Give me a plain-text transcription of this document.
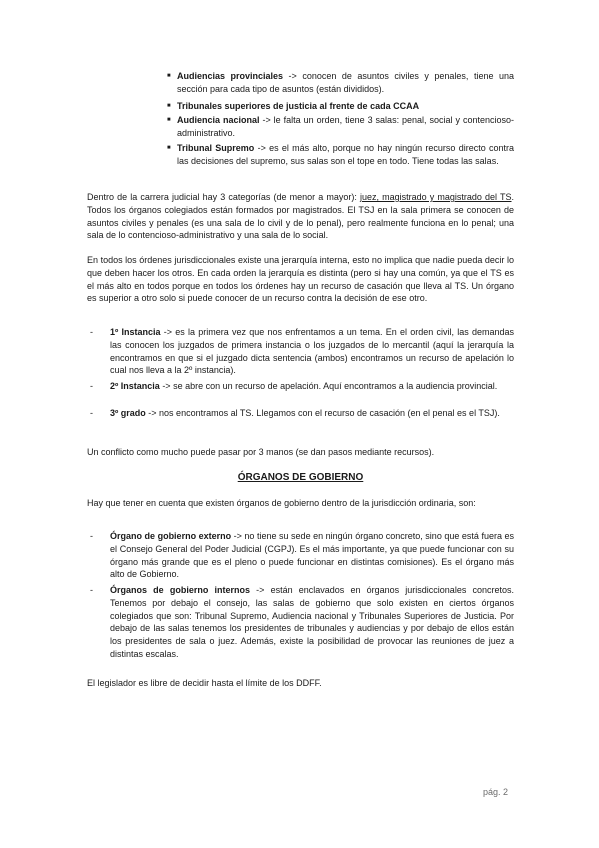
■ Audiencias provinciales -> conocen de asuntos civiles y penales, tiene una sección para cada tipo de asuntos (están divididos).
■ Tribunales superiores de justicia al frente de cada CCAA
■ Audiencia nacional -> le falta un orden, tiene 3 salas: penal, social y contencioso-administrativo.
■ Tribunal Supremo -> es el más alto, porque no hay ningún recurso directo contra las decisiones del supremo, sus salas son el tope en todo. Tiene todas las salas.

Dentro de la carrera judicial hay 3 categorías (de menor a mayor): juez, magistrado y magistrado del TS. Todos los órganos colegiados están formados por magistrados. El TSJ en la sala primera se conocen de asuntos civiles y penales (es una sala de lo civil y de lo penal), pero realmente funciona en lo penal; una sala de lo contencioso-administrativo y una sala de lo social.

En todos los órdenes jurisdiccionales existe una jerarquía interna, esto no implica que nadie pueda decir lo que deben hacer los otros. En cada orden la jerarquía es distinta (pero si hay una común, ya que el TS es el más alto en todos porque en todos los órdenes hay un recurso de casación que lleva al TS. Un órgano es superior a otro solo si puede conocer de un recurso contra la decisión de ese otro.

- 1º Instancia -> es la primera vez que nos enfrentamos a un tema. En el orden civil, las demandas las conocen los juzgados de primera instancia o los juzgados de lo mercantil (aquí la jerarquía la encontramos en que si el juzgado dicta sentencia (ambos) encontramos un recurso de apelación lo cual nos lleva a la 2º instancia).
- 2º Instancia -> se abre con un recurso de apelación. Aquí encontramos a la audiencia provincial.
- 3º grado -> nos encontramos al TS. Llegamos con el recurso de casación (en el penal es el TSJ).

Un conflicto como mucho puede pasar por 3 manos (se dan pasos mediante recursos).

ÓRGANOS DE GOBIERNO

Hay que tener en cuenta que existen órganos de gobierno dentro de la jurisdicción ordinaria, son:

- Órgano de gobierno externo -> no tiene su sede en ningún órgano concreto, sino que está fuera es el Consejo General del Poder Judicial (CGPJ). Es el más importante, ya que puede funcionar con su órgano más grande que es el pleno o puede funcionar en distintas comisiones). Es el órgano más alto de Gobierno.
- Órganos de gobierno internos -> están enclavados en órganos jurisdiccionales concretos. Tenemos por debajo el consejo, las salas de gobierno que solo existen en ciertos órganos colegiados que son: Tribunal Supremo, Audiencia nacional y Tribunales Superiores de Justicia. Por debajo de las salas tenemos los presidentes de tribunales y audiencias y por debajo de ellos están los presidentes de sala o juez. Además, existe la posibilidad de provocar las reuniones de juez a distintas escalas.

El legislador es libre de decidir hasta el límite de los DDFF.

pág. 2
